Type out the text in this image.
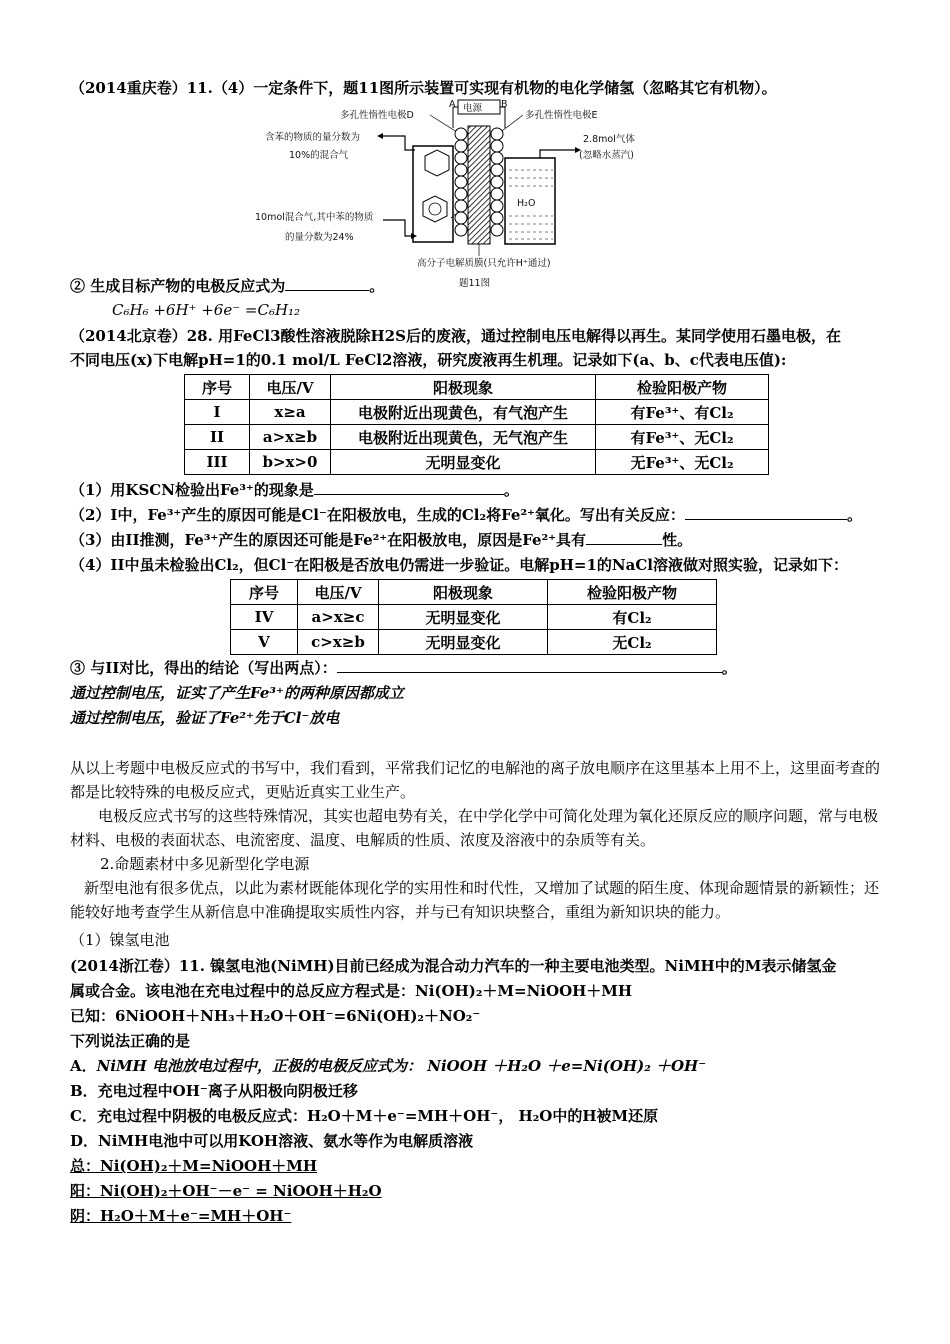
（2014重庆卷）11.（4）一定条件下，题11图所示装置可实现有机物的电化学储氢（忽略其它有机物）。
电源
A	B
多孔性惰性电极D	多孔性惰性电极E
H₂O
2.8mol气体
(忽略水蒸汽)
含苯的物质的量分数为
10%的混合气
10mol混合气,其中苯的物质
的量分数为24%
高分子电解质膜(只允许H⁺通过)
题11图
② 生成目标产物的电极反应式为	。
C₆H₆ +6H⁺ +6e⁻ =C₆H₁₂
（2014北京卷）28. 用FeCl3酸性溶液脱除H2S后的废液，通过控制电压电解得以再生。某同学使用石墨电极，在
不同电压(x)下电解pH=1的0.1 mol/L FeCl2溶液，研究废液再生机理。记录如下(a、b、c代表电压值):
序号	电压/V	阳极现象	检验阳极产物
I	x≥a	电极附近出现黄色，有气泡产生	有Fe³⁺、有Cl₂
II	a>x≥b	电极附近出现黄色，无气泡产生	有Fe³⁺、无Cl₂
III	b>x>0	无明显变化	无Fe³⁺、无Cl₂
（1）用KSCN检验出Fe³⁺的现象是	。
（2）I中，Fe³⁺产生的原因可能是Cl⁻在阳极放电，生成的Cl₂将Fe²⁺氧化。写出有关反应：	。
（3）由II推测，Fe³⁺产生的原因还可能是Fe²⁺在阳极放电，原因是Fe²⁺具有	性。
（4）II中虽未检验出Cl₂，但Cl⁻在阳极是否放电仍需进一步验证。电解pH=1的NaCl溶液做对照实验，记录如下：
序号	电压/V	阳极现象	检验阳极产物
IV	a>x≥c	无明显变化	有Cl₂
V	c>x≥b	无明显变化	无Cl₂
③ 与II对比，得出的结论（写出两点）：	。
通过控制电压，证实了产生Fe³⁺的两种原因都成立
通过控制电压，验证了Fe²⁺先于Cl⁻放电
从以上考题中电极反应式的书写中，我们看到，平常我们记忆的电解池的离子放电顺序在这里基本上用不上，这里面考查的都是比较特殊的电极反应式，更贴近真实工业生产。
电极反应式书写的这些特殊情况，其实也超电势有关，在中学化学中可简化处理为氧化还原反应的顺序问题，常与电极材料、电极的表面状态、电流密度、温度、电解质的性质、浓度及溶液中的杂质等有关。
2.命题素材中多见新型化学电源
新型电池有很多优点，以此为素材既能体现化学的实用性和时代性，又增加了试题的陌生度、体现命题情景的新颖性；还能较好地考查学生从新信息中准确提取实质性内容，并与已有知识块整合，重组为新知识块的能力。
（1）镍氢电池
(2014浙江卷）11. 镍氢电池(NiMH)目前已经成为混合动力汽车的一种主要电池类型。NiMH中的M表示储氢金
属或合金。该电池在充电过程中的总反应方程式是：Ni(OH)₂＋M=NiOOH＋MH
已知：6NiOOH＋NH₃＋H₂O＋OH⁻=6Ni(OH)₂＋NO₂⁻
下列说法正确的是
A．NiMH 电池放电过程中，正极的电极反应式为： NiOOH ＋H₂O ＋e=Ni(OH)₂ ＋OH⁻
B．充电过程中OH⁻离子从阳极向阴极迁移
C．充电过程中阴极的电极反应式：H₂O＋M＋e⁻=MH＋OH⁻， H₂O中的H被M还原
D．NiMH电池中可以用KOH溶液、氨水等作为电解质溶液
总：Ni(OH)₂＋M=NiOOH＋MH
阳：Ni(OH)₂＋OH⁻－e⁻ = NiOOH＋H₂O
阴：H₂O＋M＋e⁻=MH＋OH⁻
